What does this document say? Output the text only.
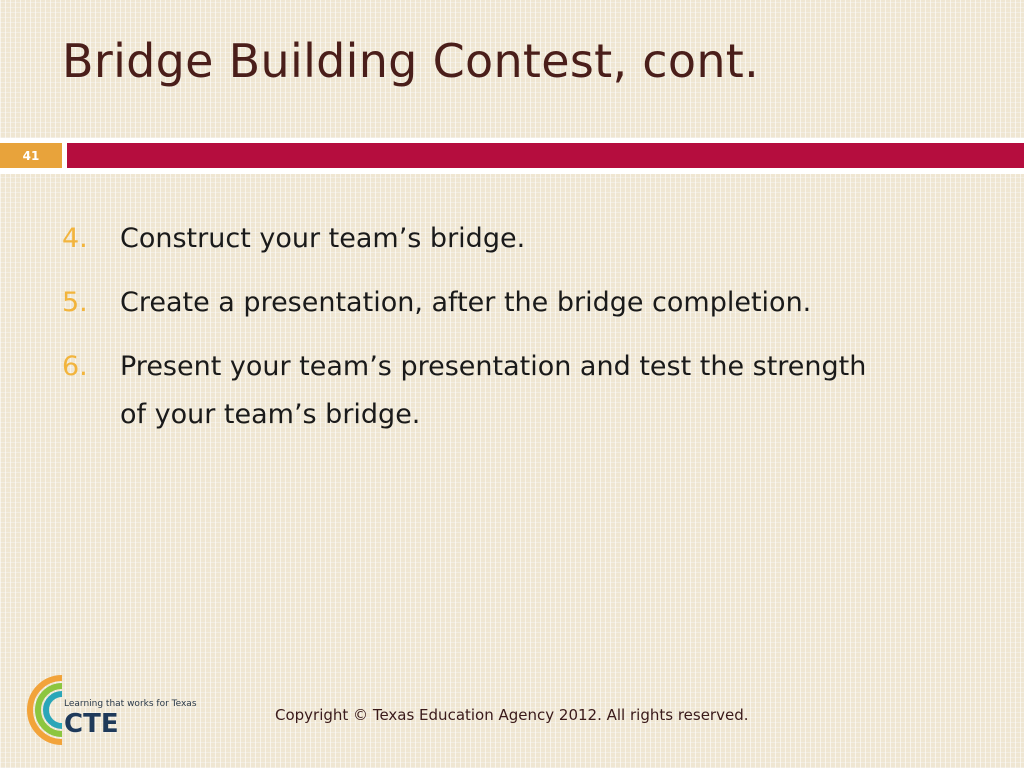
Bridge Building Contest, cont.
41
4.	Construct your team’s bridge.
5.	Create a presentation, after the bridge completion.
6.	Present your team’s presentation and test the strength of your team’s bridge.
Learning that works for Texas
CTE	Copyright © Texas Education Agency 2012. All rights reserved.
